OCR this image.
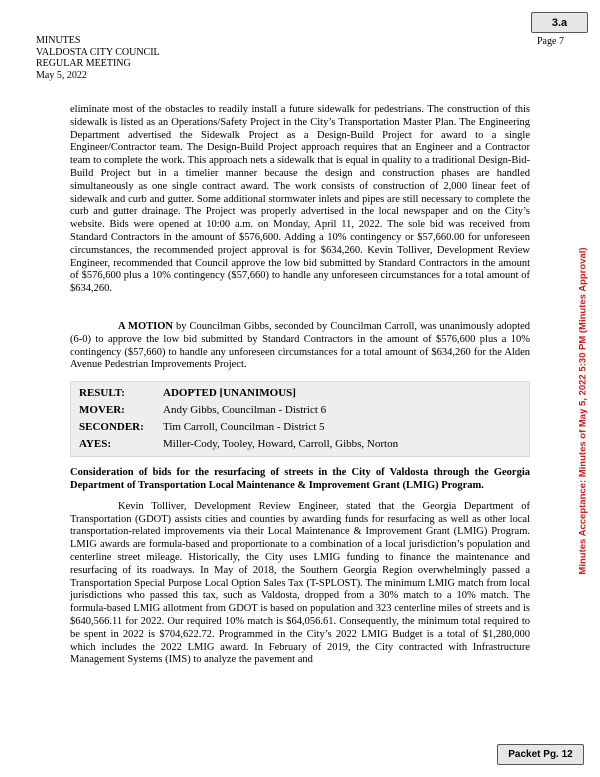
3.a
MINUTES
VALDOSTA CITY COUNCIL
REGULAR MEETING
May 5, 2022
Page 7

eliminate most of the obstacles to readily install a future sidewalk for pedestrians. The construction of this sidewalk is listed as an Operations/Safety Project in the City’s Transportation Master Plan. The Engineering Department advertised the Sidewalk Project as a Design-Build Project for award to a single Engineer/Contractor team. The Design-Build Project approach requires that an Engineer and a Contractor team to complete the work. This approach nets a sidewalk that is equal in quality to a traditional Design-Bid-Build Project but in a timelier manner because the design and construction phases are handled simultaneously as one single contract award. The work consists of construction of 2,000 linear feet of sidewalk and curb and gutter. Some additional stormwater inlets and pipes are still necessary to complete the curb and gutter drainage. The Project was properly advertised in the local newspaper and on the City’s website. Bids were opened at 10:00 a.m. on Monday, April 11, 2022. The sole bid was received from Standard Contractors in the amount of $576,600. Adding a 10% contingency or $57,660.00 for unforeseen circumstances, the recommended project approval is for $634,260. Kevin Tolliver, Development Review Engineer, recommended that Council approve the low bid submitted by Standard Contractors in the amount of $576,600 plus a 10% contingency ($57,660) to handle any unforeseen circumstances for a total amount of $634,260.

A MOTION by Councilman Gibbs, seconded by Councilman Carroll, was unanimously adopted (6-0) to approve the low bid submitted by Standard Contractors in the amount of $576,600 plus a 10% contingency ($57,660) to handle any unforeseen circumstances for a total amount of $634,260 for the Alden Avenue Pedestrian Improvements Project.

RESULT:	ADOPTED [UNANIMOUS]
MOVER:	Andy Gibbs, Councilman - District 6
SECONDER:	Tim Carroll, Councilman - District 5
AYES:	Miller-Cody, Tooley, Howard, Carroll, Gibbs, Norton

Consideration of bids for the resurfacing of streets in the City of Valdosta through the Georgia Department of Transportation Local Maintenance & Improvement Grant (LMIG) Program.

Kevin Tolliver, Development Review Engineer, stated that the Georgia Department of Transportation (GDOT) assists cities and counties by awarding funds for resurfacing as well as other local transportation-related improvements via their Local Maintenance & Improvement Grant (LMIG) Program. LMIG awards are formula-based and proportionate to a combination of a local jurisdiction’s population and centerline street mileage. Historically, the City uses LMIG funding to finance the maintenance and resurfacing of its roadways. In May of 2018, the Southern Georgia Region overwhelmingly passed a Transportation Special Purpose Local Option Sales Tax (T-SPLOST). The minimum LMIG match from local jurisdictions who passed this tax, such as Valdosta, dropped from a 30% match to a 10% match. The formula-based LMIG allotment from GDOT is based on population and 323 centerline miles of streets and is $640,566.11 for 2022. Our required 10% match is $64,056.61. Consequently, the minimum total required to be spent in 2022 is $704,622.72. Programmed in the City’s 2022 LMIG Budget is a total of $1,280,000 which includes the 2022 LMIG award. In February of 2019, the City contracted with Infrastructure Management Systems (IMS) to analyze the pavement and

Minutes Acceptance: Minutes of May 5, 2022 5:30 PM (Minutes Approval)
Packet Pg. 12
